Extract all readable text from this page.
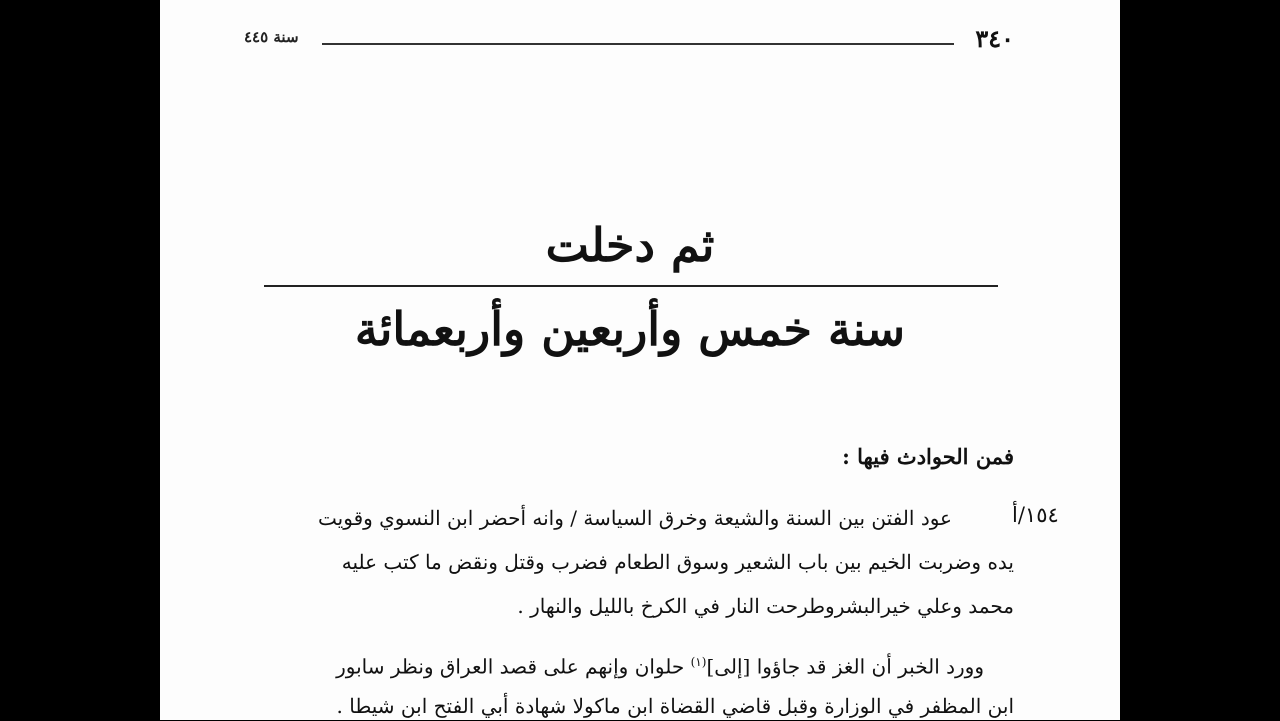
سنة ٤٤٥	٣٤٠
ثم دخلت
سنة خمس وأربعين وأربعمائة
فمن الحوادث فيها :
١٥٤/أ
عود الفتن بين السنة والشيعة وخرق السياسة / وانه أحضر ابن النسوي وقويت
يده وضربت الخيم بين باب الشعير وسوق الطعام فضرب وقتل ونقض ما كتب عليه
محمد وعلي خيرالبشروطرحت النار في الكرخ بالليل والنهار .
وورد الخبر أن الغز قد جاؤوا [إلى]$^{(١)}$ حلوان وإنهم على قصد العراق ونظر سابور
ابن المظفر في الوزارة وقبل قاضي القضاة ابن ماكولا شهادة أبي الفتح ابن شيطا .
